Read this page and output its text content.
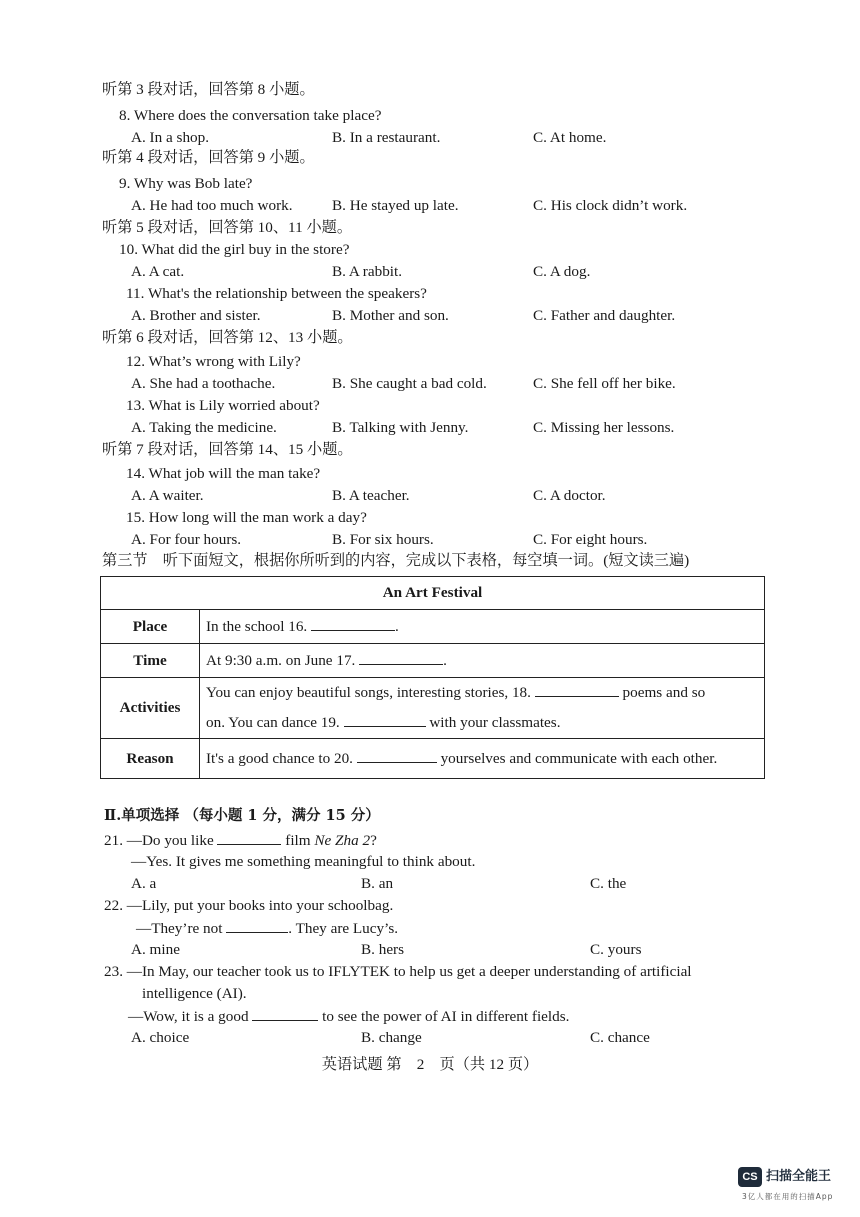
听第 3 段对话，回答第 8 小题。
8. Where does the conversation take place?
A. In a shop.	B. In a restaurant.	C. At home.
听第 4 段对话，回答第 9 小题。
9. Why was Bob late?
A. He had too much work.	B. He stayed up late.	C. His clock didn’t work.
听第 5 段对话，回答第 10、11 小题。
10. What did the girl buy in the store?
A. A cat.	B. A rabbit.	C. A dog.
11. What's the relationship between the speakers?
A. Brother and sister.	B. Mother and son.	C. Father and daughter.
听第 6 段对话，回答第 12、13 小题。
12. What’s wrong with Lily?
A. She had a toothache.	B. She caught a bad cold.	C. She fell off her bike.
13. What is Lily worried about?
A. Taking the medicine.	B. Talking with Jenny.	C. Missing her lessons.
听第 7 段对话，回答第 14、15 小题。
14. What job will the man take?
A. A waiter.	B. A teacher.	C. A doctor.
15. How long will the man work a day?
A. For four hours.	B. For six hours.	C. For eight hours.
第三节　听下面短文，根据你所听到的内容，完成以下表格，每空填一词。(短文读三遍)
An Art Festival	
Place	In the school 16. .
Time	At 9:30 a.m. on June 17. .
Activities	You can enjoy beautiful songs, interesting stories, 18. poems and so
on. You can dance 19. with your classmates.

Reason	It's a good chance to 20. yourselves and communicate with each other.
Ⅱ.单项选择 （每小题 1 分，满分 15 分）
21. —Do you like	film Ne Zha 2?
—Yes. It gives me something meaningful to think about.
A. a	B. an	C. the
22. —Lily, put your books into your schoolbag.
—They’re not	. They are Lucy’s.
A. mine	B. hers	C. yours
23. —In May, our teacher took us to IFLYTEK to help us get a deeper understanding of artificial
intelligence (AI).
—Wow, it is a good	to see the power of AI in different fields.
A. choice	B. change	C. chance
英语试题 第　2　页（共 12 页）
CS 扫描全能王
3亿人都在用的扫描App
